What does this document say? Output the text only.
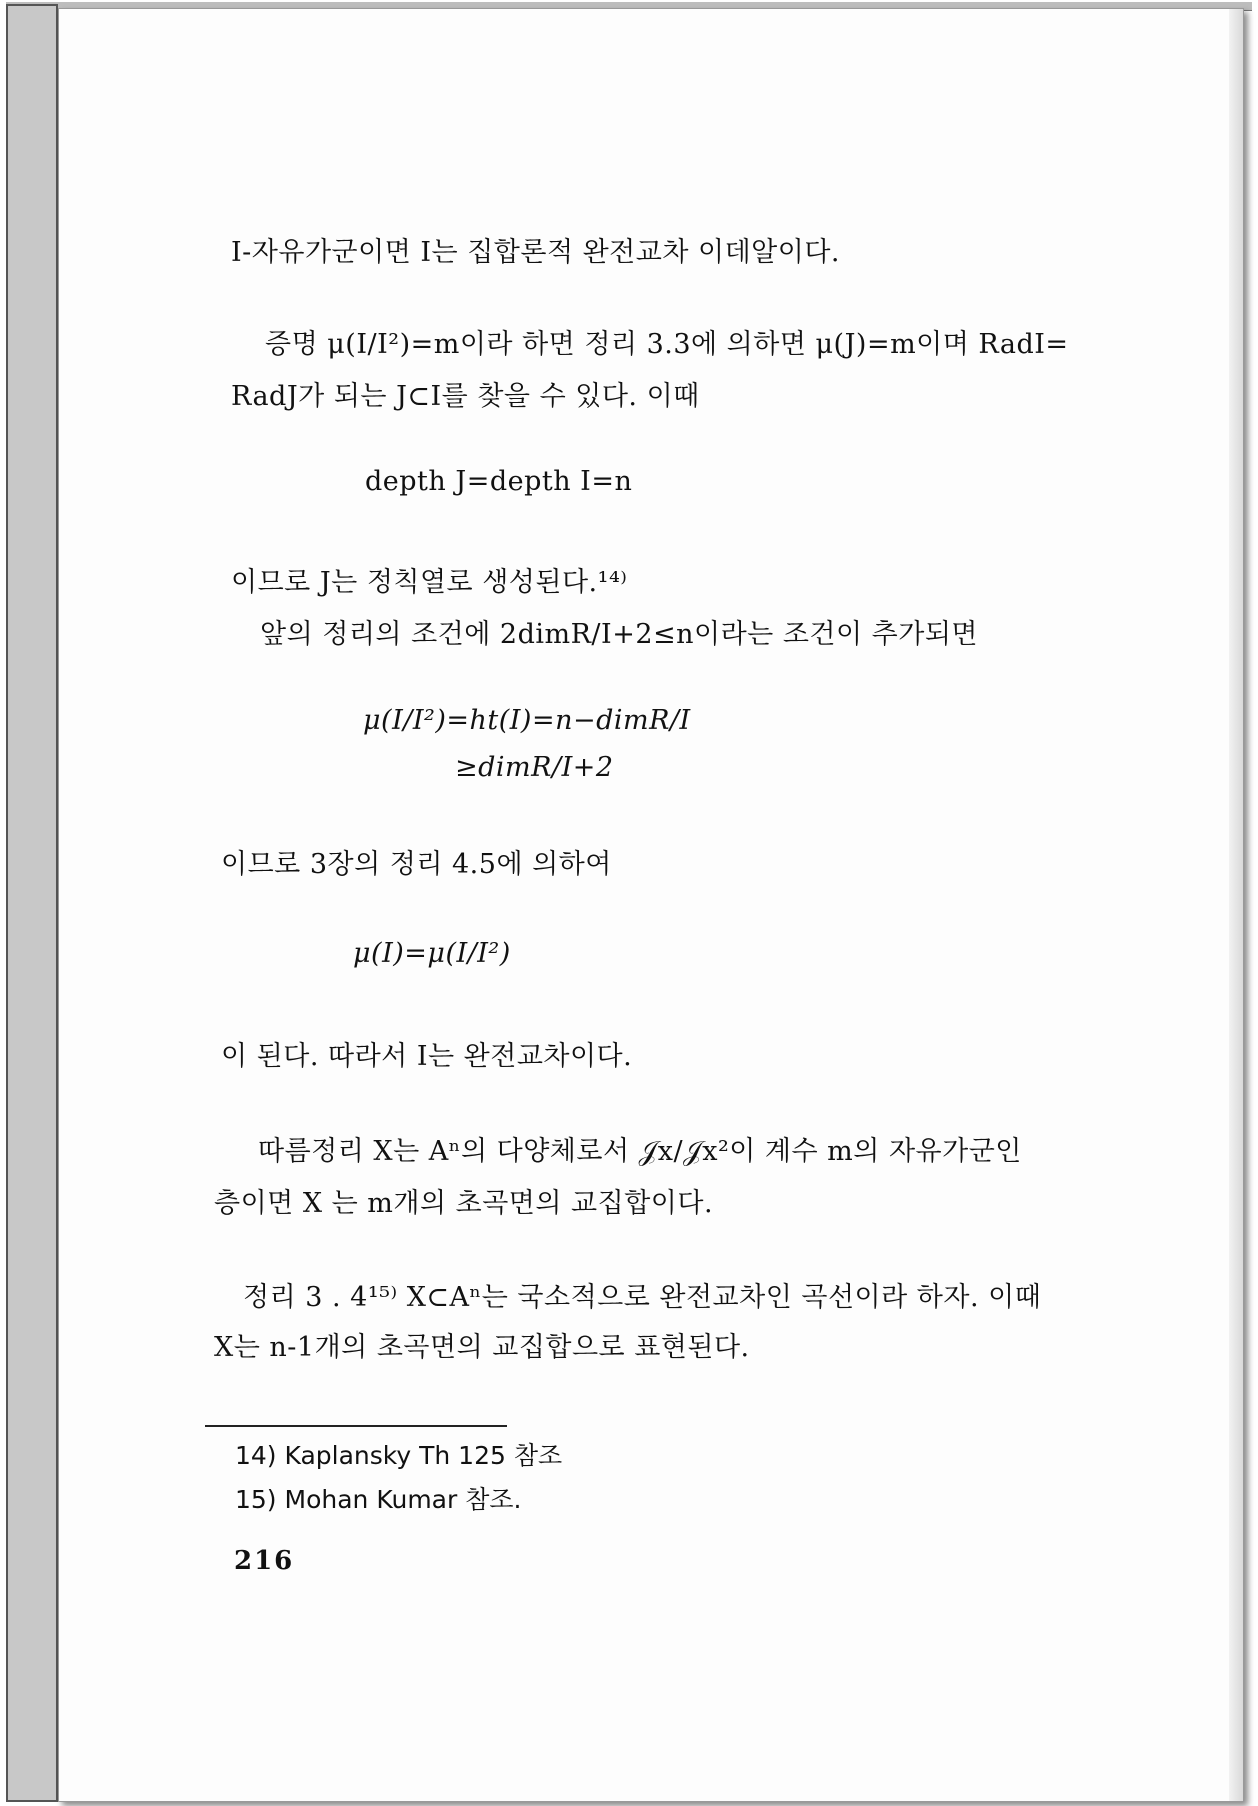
I-자유가군이면 I는 집합론적 완전교차 이데알이다.
증명 μ(I/I²)=m이라 하면 정리 3.3에 의하면 μ(J)=m이며 RadI=
RadJ가 되는 J⊂I를 찾을 수 있다. 이때
depth J=depth I=n
이므로 J는 정칙열로 생성된다.¹⁴⁾
앞의 정리의 조건에 2dimR/I+2≤n이라는 조건이 추가되면
μ(I/I²)=ht(I)=n−dimR/I
≥dimR/I+2
이므로 3장의 정리 4.5에 의하여
μ(I)=μ(I/I²)
이 된다. 따라서 I는 완전교차이다.
따름정리 X는 Aⁿ의 다양체로서 𝒥x/𝒥x²이 계수 m의 자유가군인
층이면 X 는 m개의 초곡면의 교집합이다.
정리 3 . 4¹⁵⁾ X⊂Aⁿ는 국소적으로 완전교차인 곡선이라 하자. 이때
X는 n-1개의 초곡면의 교집합으로 표현된다.
14) Kaplansky Th 125 참조
15) Mohan Kumar 참조.
216
